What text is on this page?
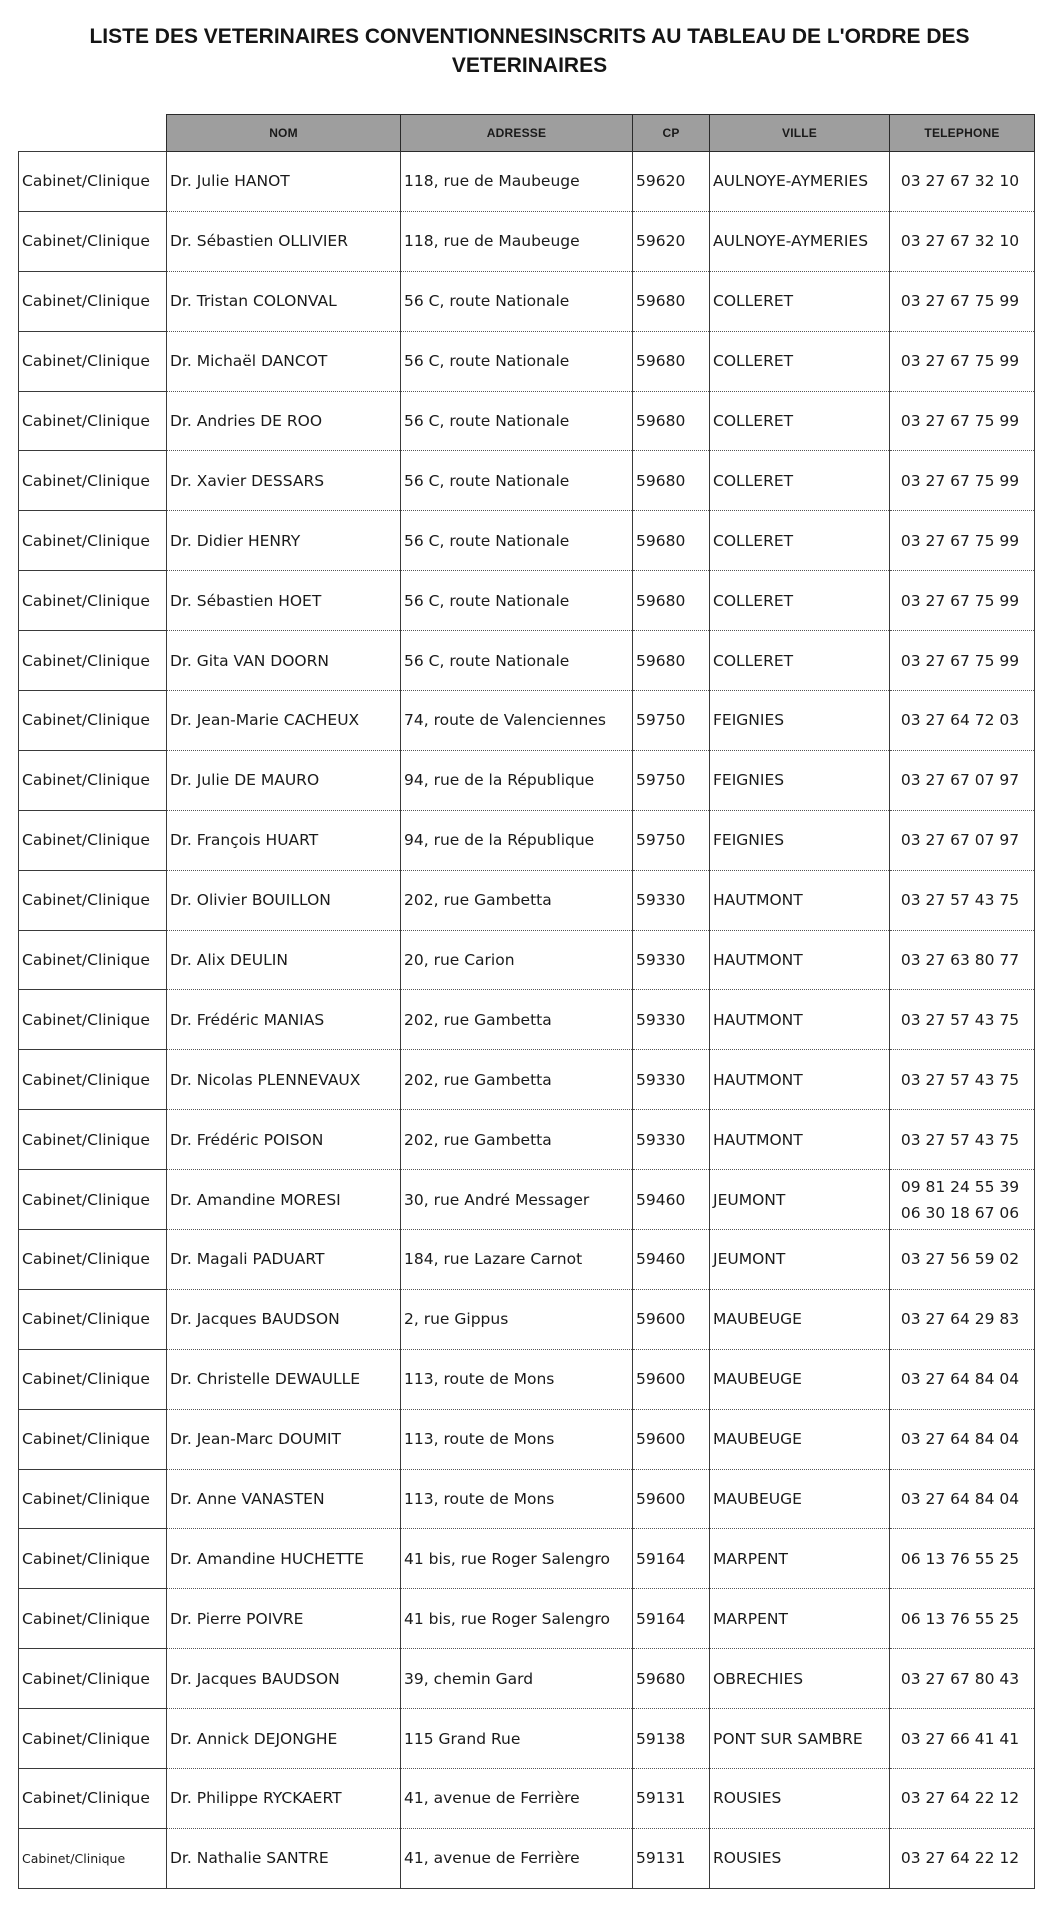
LISTE DES VETERINAIRES CONVENTIONNESINSCRITS AU TABLEAU DE L'ORDRE DES
VETERINAIRES
	NOM	ADRESSE	CP	VILLE	TELEPHONE
Cabinet/Clinique	Dr. Julie HANOT	118, rue de Maubeuge	59620	AULNOYE-AYMERIES	03 27 67 32 10

Cabinet/Clinique	Dr. Sébastien OLLIVIER	118, rue de Maubeuge	59620	AULNOYE-AYMERIES	03 27 67 32 10

Cabinet/Clinique	Dr. Tristan COLONVAL	56 C, route Nationale	59680	COLLERET	03 27 67 75 99

Cabinet/Clinique	Dr. Michaël DANCOT	56 C, route Nationale	59680	COLLERET	03 27 67 75 99

Cabinet/Clinique	Dr. Andries DE ROO	56 C, route Nationale	59680	COLLERET	03 27 67 75 99

Cabinet/Clinique	Dr. Xavier DESSARS	56 C, route Nationale	59680	COLLERET	03 27 67 75 99

Cabinet/Clinique	Dr. Didier HENRY	56 C, route Nationale	59680	COLLERET	03 27 67 75 99

Cabinet/Clinique	Dr. Sébastien HOET	56 C, route Nationale	59680	COLLERET	03 27 67 75 99

Cabinet/Clinique	Dr. Gita VAN DOORN	56 C, route Nationale	59680	COLLERET	03 27 67 75 99

Cabinet/Clinique	Dr. Jean-Marie CACHEUX	74, route de Valenciennes	59750	FEIGNIES	03 27 64 72 03

Cabinet/Clinique	Dr. Julie DE MAURO	94, rue de la République	59750	FEIGNIES	03 27 67 07 97

Cabinet/Clinique	Dr. François HUART	94, rue de la République	59750	FEIGNIES	03 27 67 07 97

Cabinet/Clinique	Dr. Olivier BOUILLON	202, rue Gambetta	59330	HAUTMONT	03 27 57 43 75

Cabinet/Clinique	Dr. Alix DEULIN	20, rue Carion	59330	HAUTMONT	03 27 63 80 77

Cabinet/Clinique	Dr. Frédéric MANIAS	202, rue Gambetta	59330	HAUTMONT	03 27 57 43 75

Cabinet/Clinique	Dr. Nicolas PLENNEVAUX	202, rue Gambetta	59330	HAUTMONT	03 27 57 43 75

Cabinet/Clinique	Dr. Frédéric POISON	202, rue Gambetta	59330	HAUTMONT	03 27 57 43 75

Cabinet/Clinique	Dr. Amandine MORESI	30, rue André Messager	59460	JEUMONT	09 81 24 55 39
06 30 18 67 06

Cabinet/Clinique	Dr. Magali PADUART	184, rue Lazare Carnot	59460	JEUMONT	03 27 56 59 02

Cabinet/Clinique	Dr. Jacques BAUDSON	2, rue Gippus	59600	MAUBEUGE	03 27 64 29 83

Cabinet/Clinique	Dr. Christelle DEWAULLE	113, route de Mons	59600	MAUBEUGE	03 27 64 84 04

Cabinet/Clinique	Dr. Jean-Marc DOUMIT	113, route de Mons	59600	MAUBEUGE	03 27 64 84 04

Cabinet/Clinique	Dr. Anne VANASTEN	113, route de Mons	59600	MAUBEUGE	03 27 64 84 04

Cabinet/Clinique	Dr. Amandine HUCHETTE	41 bis, rue Roger Salengro	59164	MARPENT	06 13 76 55 25

Cabinet/Clinique	Dr. Pierre POIVRE	41 bis, rue Roger Salengro	59164	MARPENT	06 13 76 55 25

Cabinet/Clinique	Dr. Jacques BAUDSON	39, chemin Gard	59680	OBRECHIES	03 27 67 80 43

Cabinet/Clinique	Dr. Annick DEJONGHE	115 Grand Rue	59138	PONT SUR SAMBRE	03 27 66 41 41

Cabinet/Clinique	Dr. Philippe RYCKAERT	41, avenue de Ferrière	59131	ROUSIES	03 27 64 22 12

Cabinet/Clinique	Dr. Nathalie SANTRE	41, avenue de Ferrière	59131	ROUSIES	03 27 64 22 12
